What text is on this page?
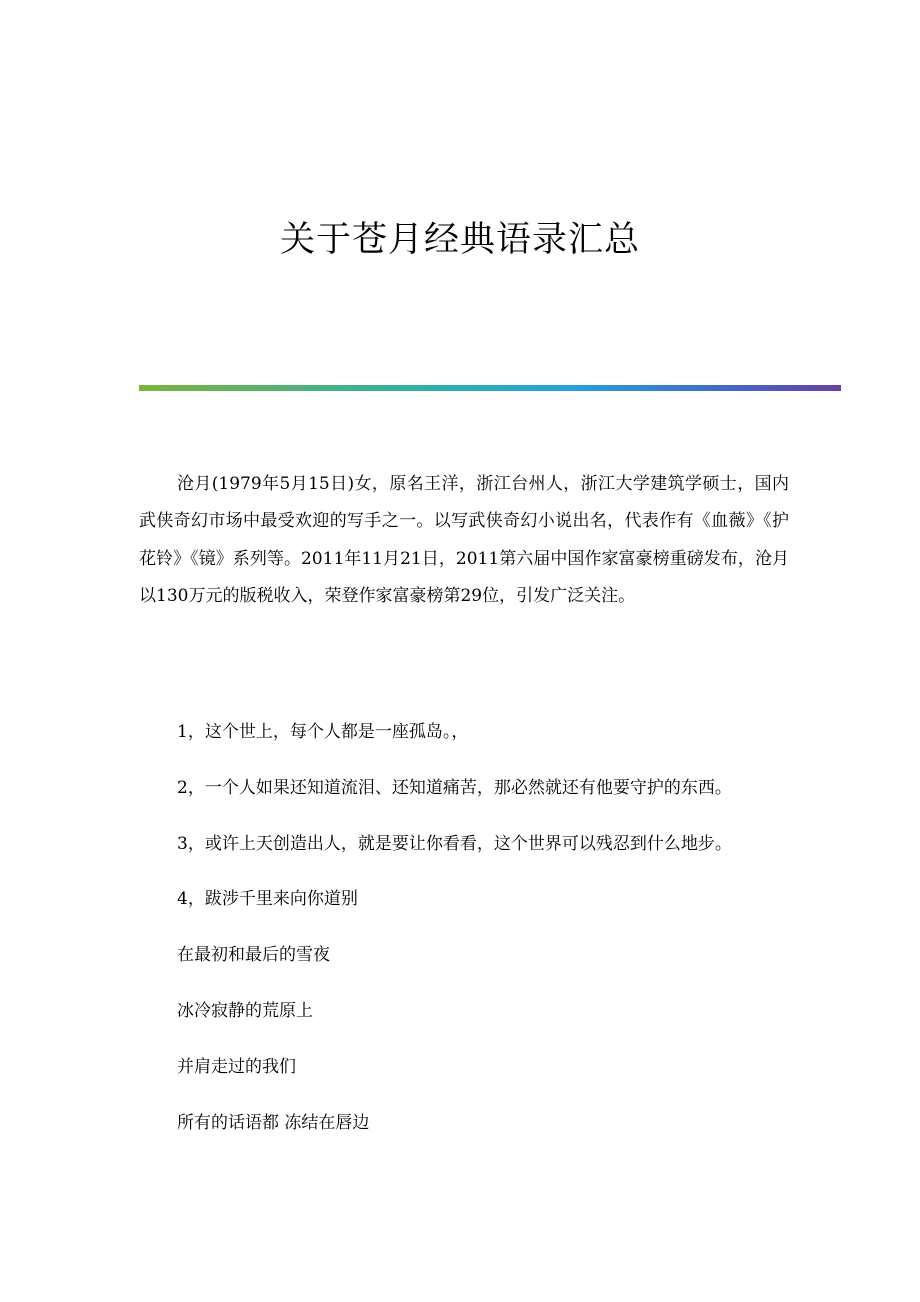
关于苍月经典语录汇总

沧月(1979年5月15日)女，原名王洋，浙江台州人，浙江大学建筑学硕士，国内武侠奇幻市场中最受欢迎的写手之一。以写武侠奇幻小说出名，代表作有《血薇》《护花铃》《镜》系列等。2011年11月21日，2011第六届中国作家富豪榜重磅发布，沧月以130万元的版税收入，荣登作家富豪榜第29位，引发广泛关注。

1，这个世上，每个人都是一座孤岛。，

2，一个人如果还知道流泪、还知道痛苦，那必然就还有他要守护的东西。

3，或许上天创造出人，就是要让你看看，这个世界可以残忍到什么地步。

4，跋涉千里来向你道别

在最初和最后的雪夜

冰冷寂静的荒原上

并肩走过的我们

所有的话语都 冻结在唇边
